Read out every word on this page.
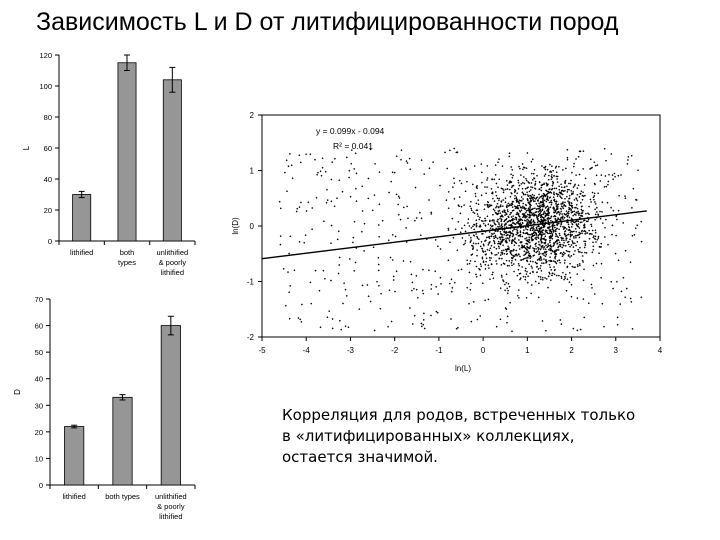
Зависимость L и D от литифицированности пород
0
20
40
60
80
100
120
L
lithified	both
types
unlithified
& poorly
lithified
0
10
20
30
40
50
60
70
D
lithified	both types unlithified
& poorly
lithified
-5	-4	-3	-2	-1	0	1	2	3	4
-2
-1
0
1
2
ln(L)
ln(D)
y = 0.099x - 0.094
R² = 0.041
Корреляция для родов, встреченных только
в «литифицированных» коллекциях,
остается значимой.
